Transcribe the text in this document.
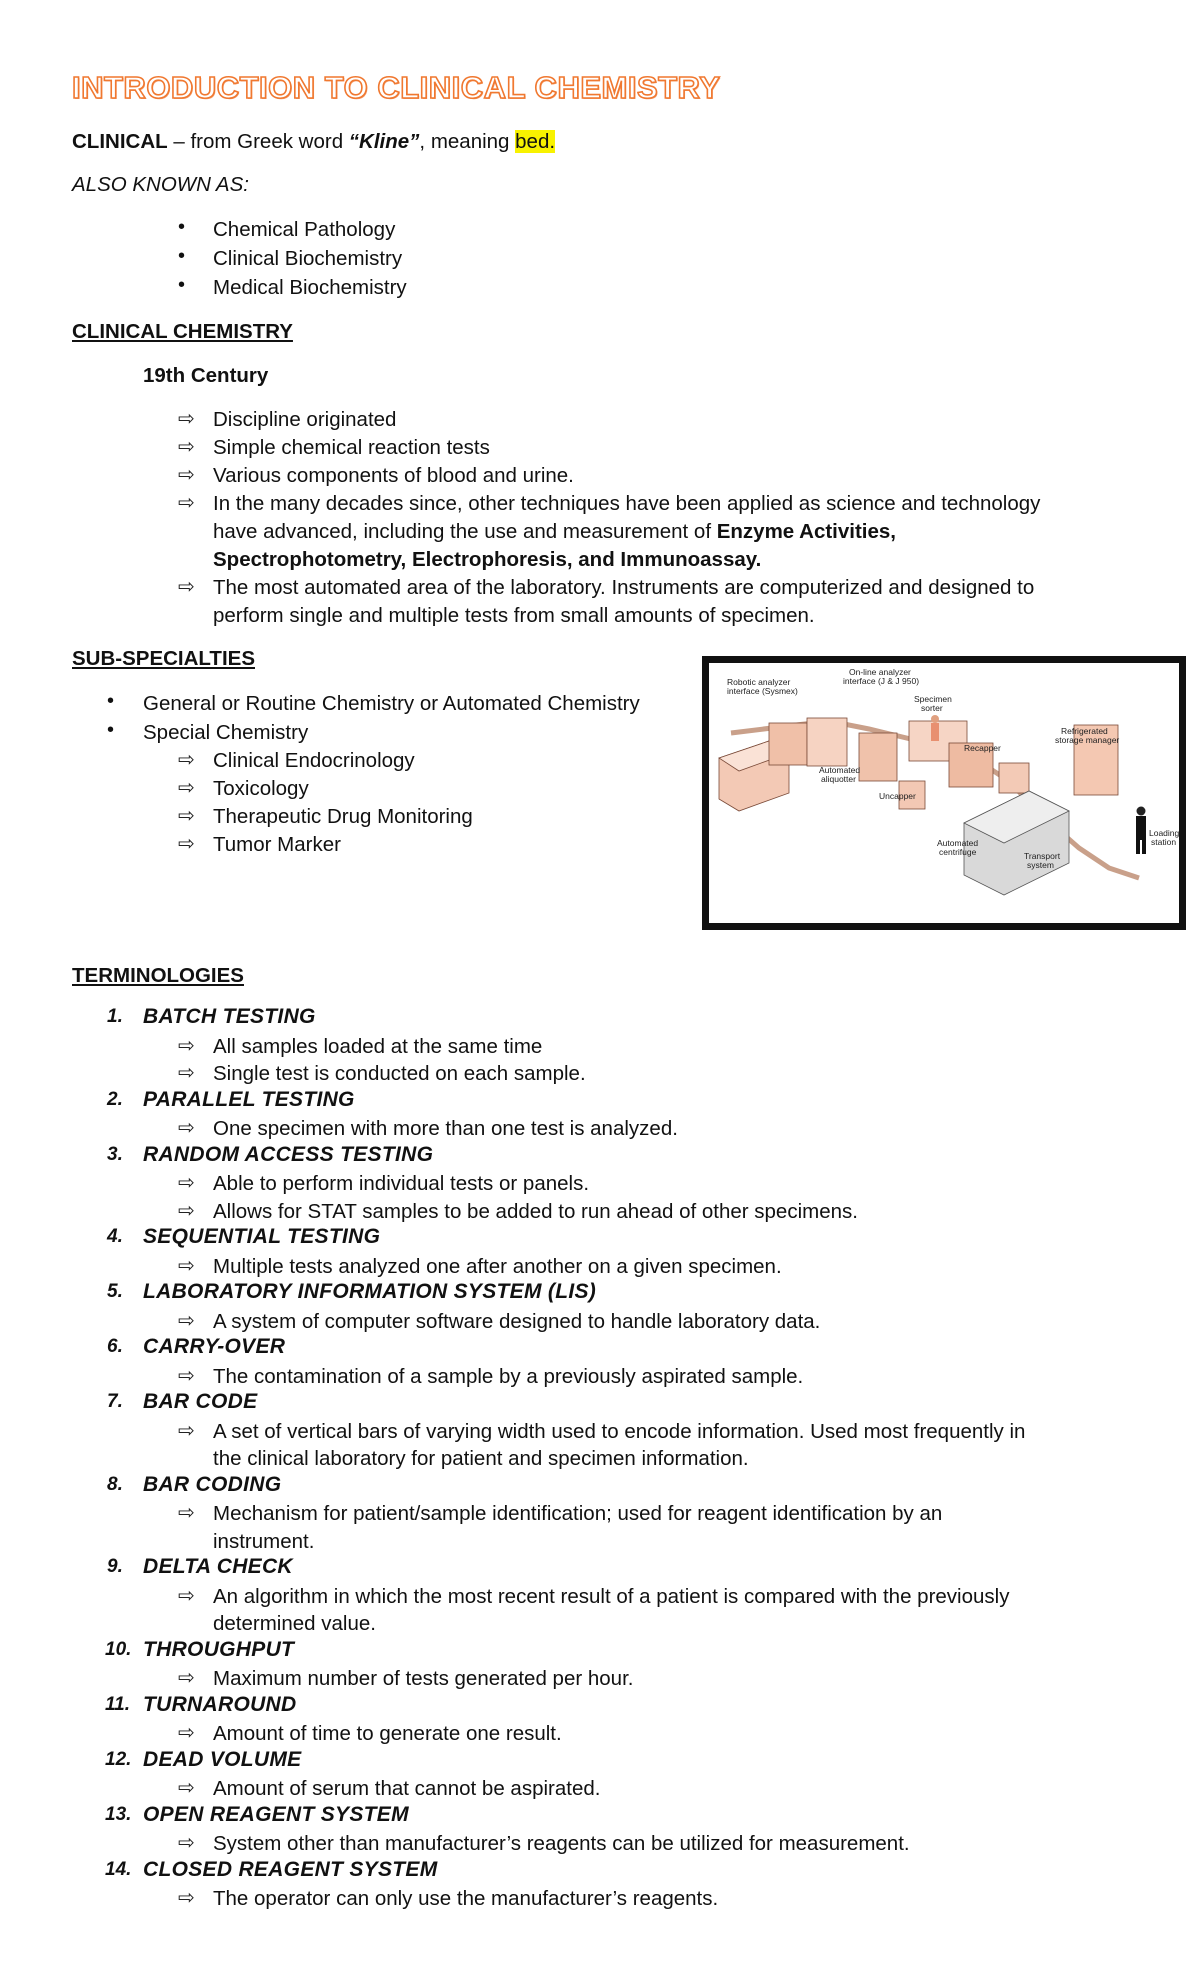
INTRODUCTION TO CLINICAL CHEMISTRY
CLINICAL – from Greek word “Kline”, meaning bed.
ALSO KNOWN AS:
• Chemical Pathology
• Clinical Biochemistry
• Medical Biochemistry
CLINICAL CHEMISTRY
19th Century
⇨ Discipline originated
⇨ Simple chemical reaction tests
⇨ Various components of blood and urine.
⇨ In the many decades since, other techniques have been applied as science and technology
have advanced, including the use and measurement of Enzyme Activities,
Spectrophotometry, Electrophoresis, and Immunoassay.
⇨ The most automated area of the laboratory. Instruments are computerized and designed to
perform single and multiple tests from small amounts of specimen.
SUB-SPECIALTIES
• General or Routine Chemistry or Automated Chemistry
• Special Chemistry
⇨ Clinical Endocrinology
⇨ Toxicology
⇨ Therapeutic Drug Monitoring
⇨ Tumor Marker
Robotic analyzer
interface (Sysmex)
On-line analyzer
interface (J & J 950)
Specimen
sorter
Refrigerated
storage manager
Recapper
Automated
aliquotter
Uncapper
Loading
station
Automated
centrifuge	Transport
system
TERMINOLOGIES
1. BATCH TESTING
⇨ All samples loaded at the same time
⇨ Single test is conducted on each sample.
2. PARALLEL TESTING
⇨ One specimen with more than one test is analyzed.
3. RANDOM ACCESS TESTING
⇨ Able to perform individual tests or panels.
⇨ Allows for STAT samples to be added to run ahead of other specimens.
4. SEQUENTIAL TESTING
⇨ Multiple tests analyzed one after another on a given specimen.
5. LABORATORY INFORMATION SYSTEM (LIS)
⇨ A system of computer software designed to handle laboratory data.
6. CARRY-OVER
⇨ The contamination of a sample by a previously aspirated sample.
7. BAR CODE
⇨ A set of vertical bars of varying width used to encode information. Used most frequently in
the clinical laboratory for patient and specimen information.
8. BAR CODING
⇨ Mechanism for patient/sample identification; used for reagent identification by an
instrument.
9. DELTA CHECK
⇨ An algorithm in which the most recent result of a patient is compared with the previously
determined value.
10. THROUGHPUT
⇨ Maximum number of tests generated per hour.
11. TURNAROUND
⇨ Amount of time to generate one result.
12. DEAD VOLUME
⇨ Amount of serum that cannot be aspirated.
13. OPEN REAGENT SYSTEM
⇨ System other than manufacturer’s reagents can be utilized for measurement.
14. CLOSED REAGENT SYSTEM
⇨ The operator can only use the manufacturer’s reagents.
